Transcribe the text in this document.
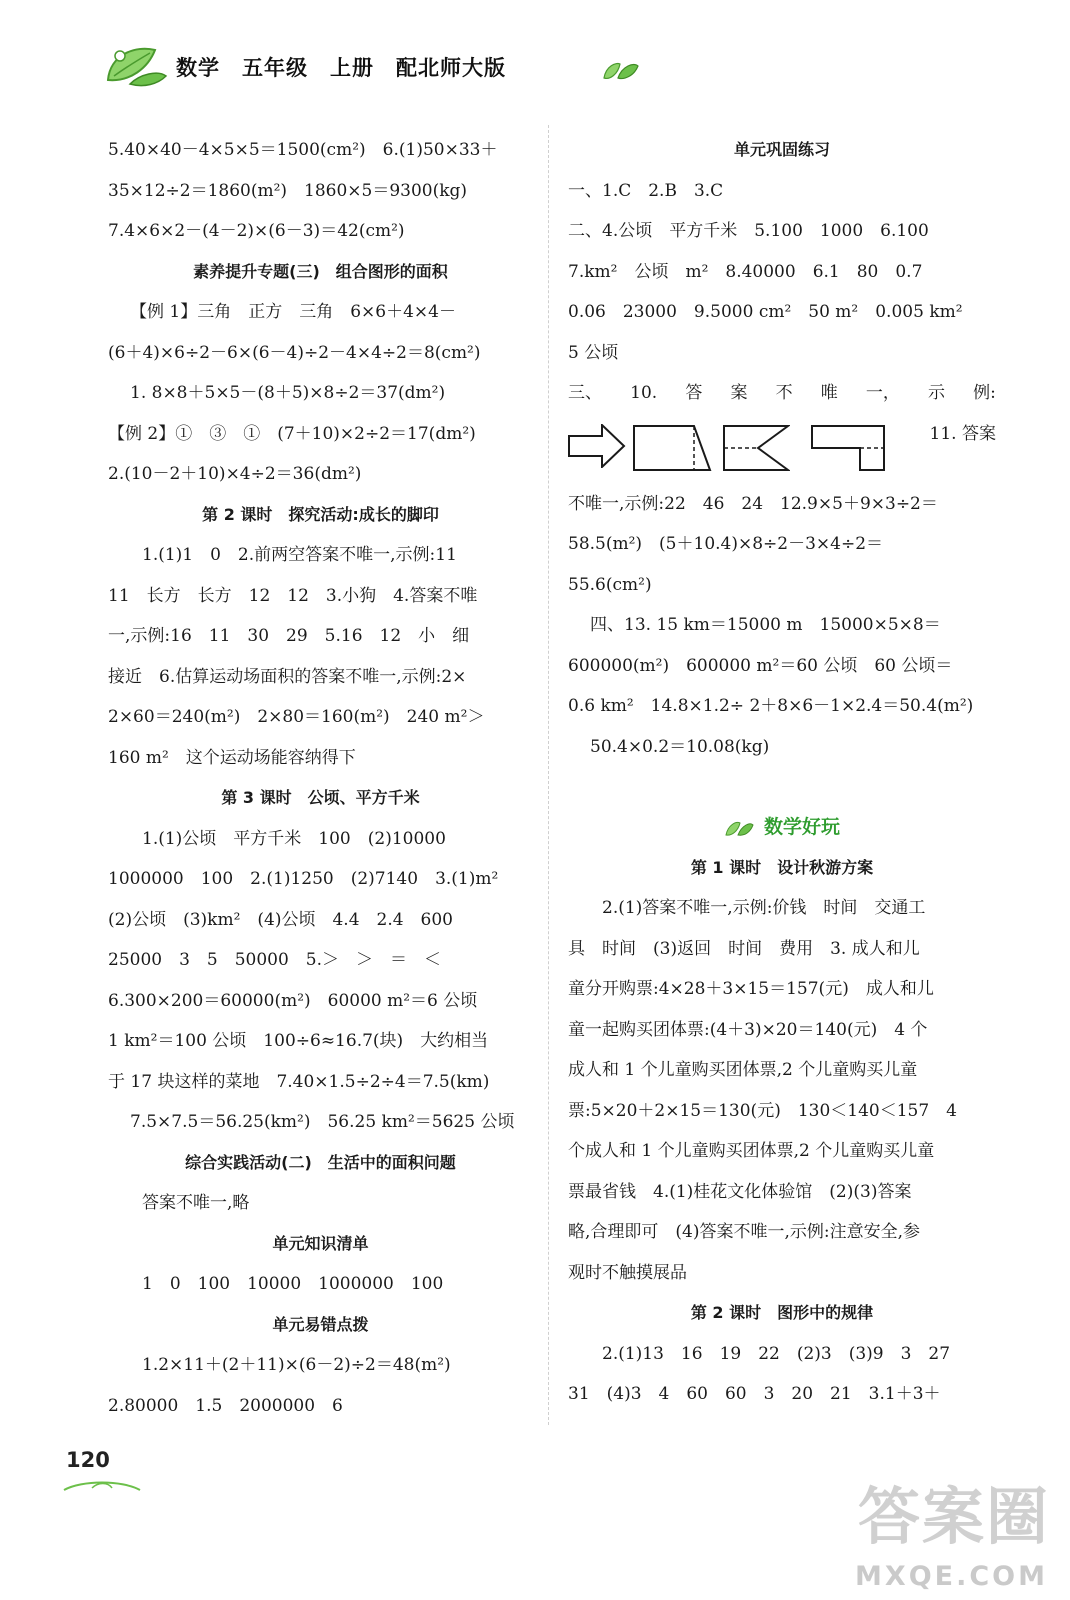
数学 五年级 上册 配北师大版
5.40×40－4×5×5＝1500(cm²)　6.(1)50×33＋
35×12÷2＝1860(m²)　1860×5＝9300(kg)
7.4×6×2－(4－2)×(6－3)＝42(cm²)
素养提升专题(三)　组合图形的面积
【例 1】三角　正方　三角　6×6＋4×4－
(6＋4)×6÷2－6×(6－4)÷2－4×4÷2＝8(cm²)
1. 8×8＋5×5－(8＋5)×8÷2＝37(dm²)
【例 2】①　③　①　(7＋10)×2÷2＝17(dm²)
2.(10－2＋10)×4÷2＝36(dm²)
第 2 课时　探究活动:成长的脚印
1.(1)1　0　2.前两空答案不唯一,示例:11
11　长方　长方　12　12　3.小狗　4.答案不唯
一,示例:16　11　30　29　5.16　12　小　细
接近　6.估算运动场面积的答案不唯一,示例:2×
2×60＝240(m²)　2×80＝160(m²)　240 m²＞
160 m²　这个运动场能容纳得下
第 3 课时　公顷、平方千米
1.(1)公顷　平方千米　100　(2)10000
1000000　100　2.(1)1250　(2)7140　3.(1)m²
(2)公顷　(3)km²　(4)公顷　4.4　2.4　600
25000　3　5　50000　5.＞　＞　＝　＜
6.300×200＝60000(m²)　60000 m²＝6 公顷
1 km²＝100 公顷　100÷6≈16.7(块)　大约相当
于 17 块这样的菜地　7.40×1.5÷2÷4＝7.5(km)
7.5×7.5＝56.25(km²)　56.25 km²＝5625 公顷
综合实践活动(二)　生活中的面积问题
答案不唯一,略
单元知识清单
1　0　100　10000　1000000　100
单元易错点拨
1.2×11＋(2＋11)×(6－2)÷2＝48(m²)
2.80000　1.5　2000000　6
单元巩固练习
一、1.C　2.B　3.C
二、4.公顷　平方千米　5.100　1000　6.100
7.km²　公顷　m²　8.40000　6.1　80　0.7
0.06　23000　9.5000 cm²　50 m²　0.005 km²
5 公顷
三、 10. 答 案 不 唯 一， 示 例:
11. 答案
不唯一,示例:22　46　24　12.9×5＋9×3÷2＝
58.5(m²)　(5＋10.4)×8÷2－3×4÷2＝
55.6(cm²)
四、13. 15 km＝15000 m　15000×5×8＝
600000(m²)　600000 m²＝60 公顷　60 公顷＝
0.6 km²　14.8×1.2÷ 2＋8×6－1×2.4＝50.4(m²)
50.4×0.2＝10.08(kg)
数学好玩
第 1 课时　设计秋游方案
2.(1)答案不唯一,示例:价钱　时间　交通工
具　时间　(3)返回　时间　费用　3. 成人和儿
童分开购票:4×28＋3×15＝157(元)　成人和儿
童一起购买团体票:(4＋3)×20＝140(元)　4 个
成人和 1 个儿童购买团体票,2 个儿童购买儿童
票:5×20＋2×15＝130(元)　130＜140＜157　4
个成人和 1 个儿童购买团体票,2 个儿童购买儿童
票最省钱　4.(1)桂花文化体验馆　(2)(3)答案
略,合理即可　(4)答案不唯一,示例:注意安全,参
观时不触摸展品
第 2 课时　图形中的规律
2.(1)13　16　19　22　(2)3　(3)9　3　27
31　(4)3　4　60　60　3　20　21　3.1＋3＋
120
答案圈
MXQE.COM
